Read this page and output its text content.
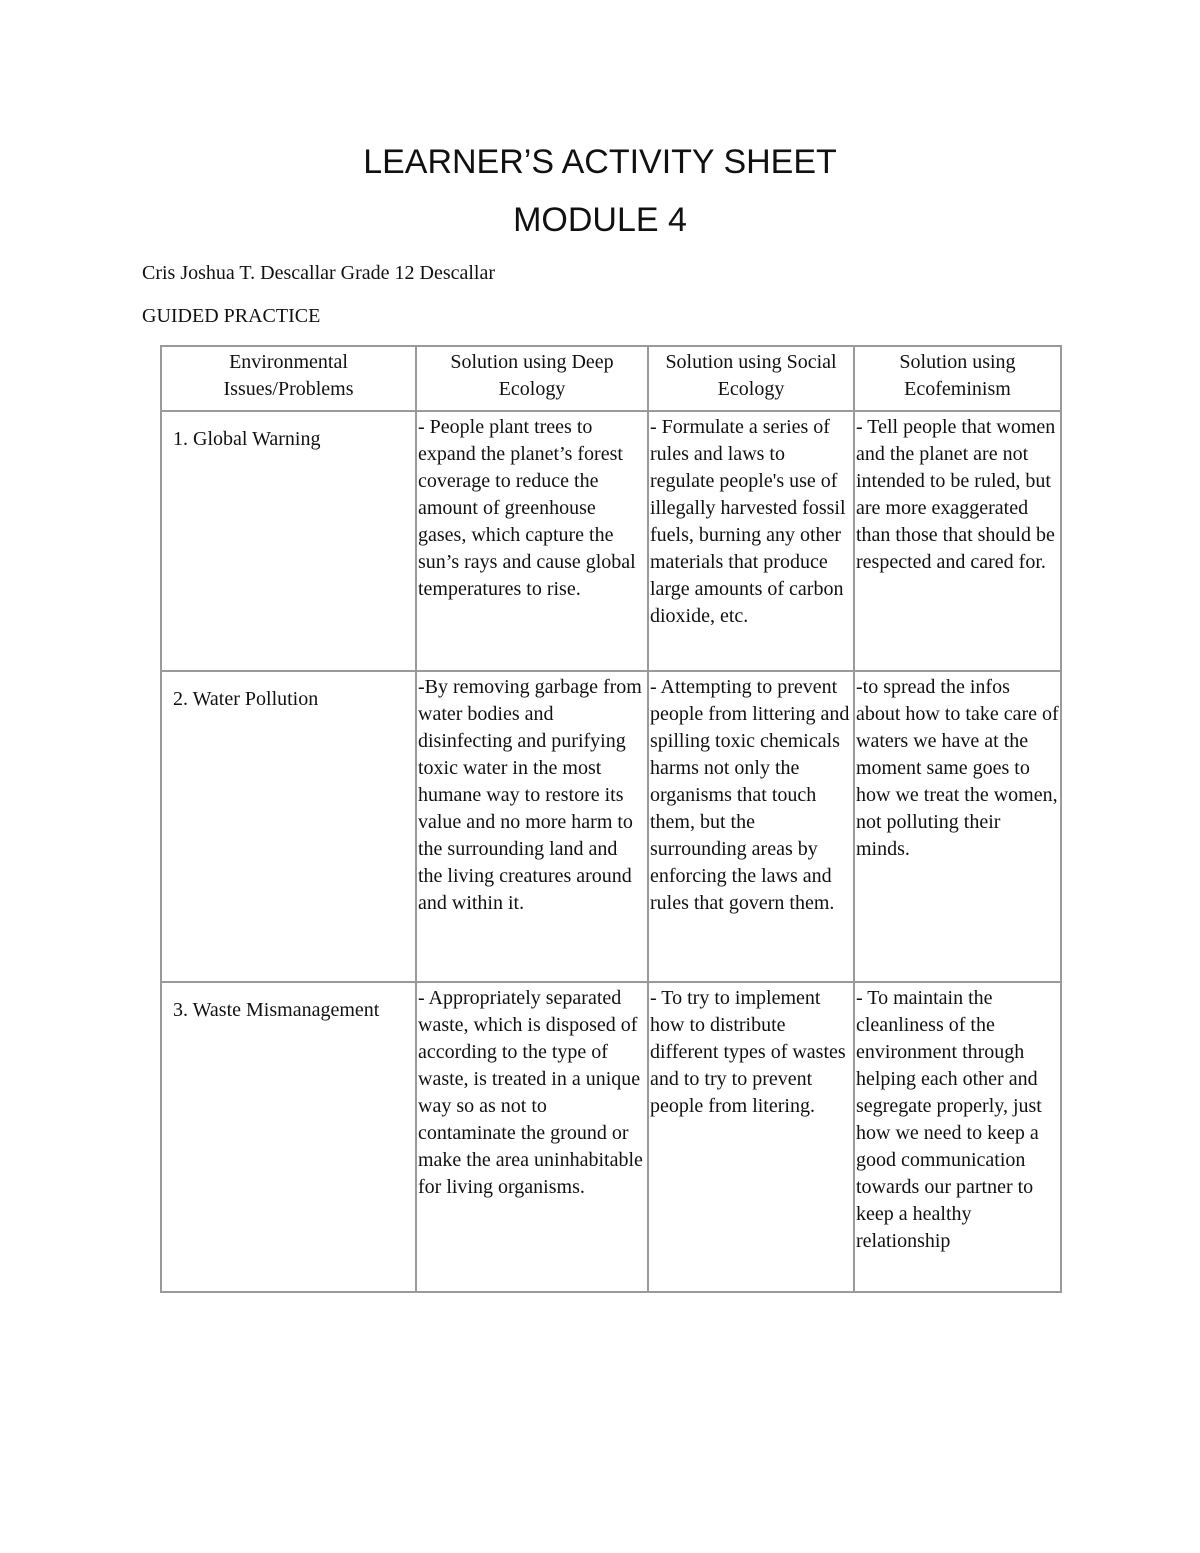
LEARNER’S ACTIVITY SHEET
MODULE 4

Cris Joshua T. Descallar Grade 12 Descallar

GUIDED PRACTICE

Environmental Issues/Problems	Solution using Deep Ecology	Solution using Social Ecology	Solution using Ecofeminism
1. Global Warning	- People plant trees to expand the planet’s forest coverage to reduce the amount of greenhouse gases, which capture the sun’s rays and cause global temperatures to rise.	- Formulate a series of rules and laws to regulate people's use of illegally harvested fossil fuels, burning any other materials that produce large amounts of carbon dioxide, etc.	- Tell people that women and the planet are not intended to be ruled, but are more exaggerated than those that should be respected and cared for.
2. Water Pollution	-By removing garbage from water bodies and disinfecting and purifying toxic water in the most humane way to restore its value and no more harm to the surrounding land and the living creatures around and within it.	- Attempting to prevent people from littering and spilling toxic chemicals harms not only the organisms that touch them, but the surrounding areas by enforcing the laws and rules that govern them.	-to spread the infos about how to take care of waters we have at the moment same goes to how we treat the women, not polluting their minds.
3. Waste Mismanagement	- Appropriately separated waste, which is disposed of according to the type of waste, is treated in a unique way so as not to contaminate the ground or make the area uninhabitable for living organisms.	- To try to implement how to distribute different types of wastes and to try to prevent people from litering.	- To maintain the cleanliness of the environment through helping each other and segregate properly, just how we need to keep a good communication towards our partner to keep a healthy relationship
